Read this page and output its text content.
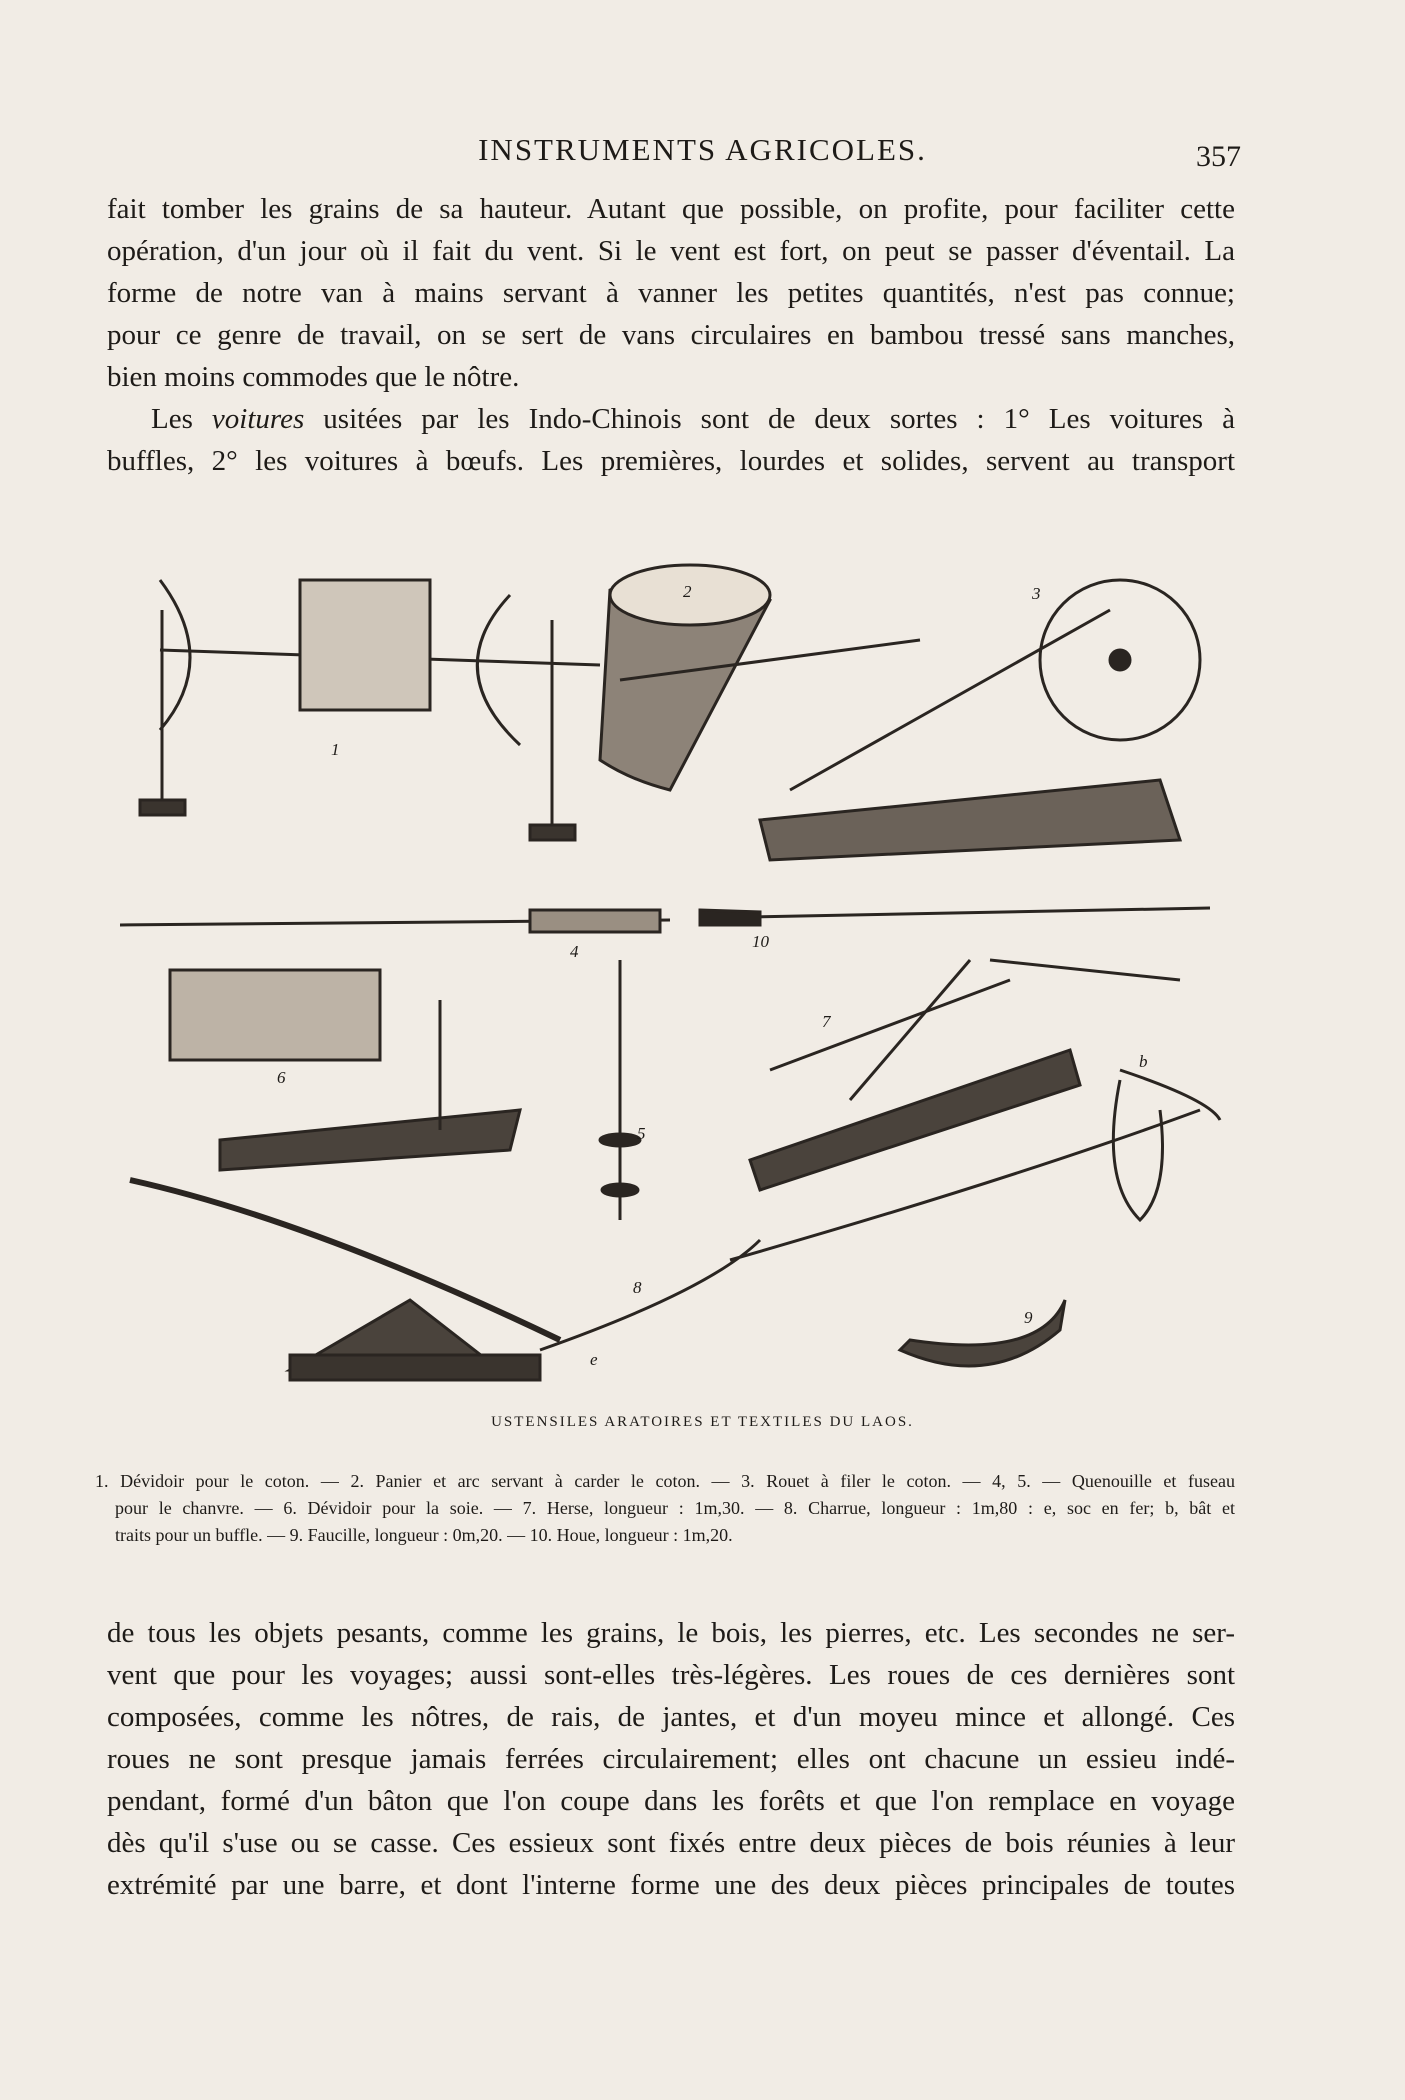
INSTRUMENTS AGRICOLES.	357
fait tomber les grains de sa hauteur. Autant que possible, on profite, pour faciliter cette
opération, d'un jour où il fait du vent. Si le vent est fort, on peut se passer d'éventail. La
forme de notre van à mains servant à vanner les petites quantités, n'est pas connue;
pour ce genre de travail, on se sert de vans circulaires en bambou tressé sans manches,
bien moins commodes que le nôtre.
Les voitures usitées par les Indo-Chinois sont de deux sortes : 1° Les voitures à
buffles, 2° les voitures à bœufs. Les premières, lourdes et solides, servent au transport
1
2	3
4
5
6
7
8
9
10
b
e
USTENSILES ARATOIRES ET TEXTILES DU LAOS.
1. Dévidoir pour le coton. — 2. Panier et arc servant à carder le coton. — 3. Rouet à filer le coton. — 4, 5. — Quenouille et fuseau
pour le chanvre. — 6. Dévidoir pour la soie. — 7. Herse, longueur : 1m,30. — 8. Charrue, longueur : 1m,80 : e, soc en fer; b, bât et
traits pour un buffle. — 9. Faucille, longueur : 0m,20. — 10. Houe, longueur : 1m,20.
de tous les objets pesants, comme les grains, le bois, les pierres, etc. Les secondes ne ser-
vent que pour les voyages; aussi sont-elles très-légères. Les roues de ces dernières sont
composées, comme les nôtres, de rais, de jantes, et d'un moyeu mince et allongé. Ces
roues ne sont presque jamais ferrées circulairement; elles ont chacune un essieu indé-
pendant, formé d'un bâton que l'on coupe dans les forêts et que l'on remplace en voyage
dès qu'il s'use ou se casse. Ces essieux sont fixés entre deux pièces de bois réunies à leur
extrémité par une barre, et dont l'interne forme une des deux pièces principales de toutes
